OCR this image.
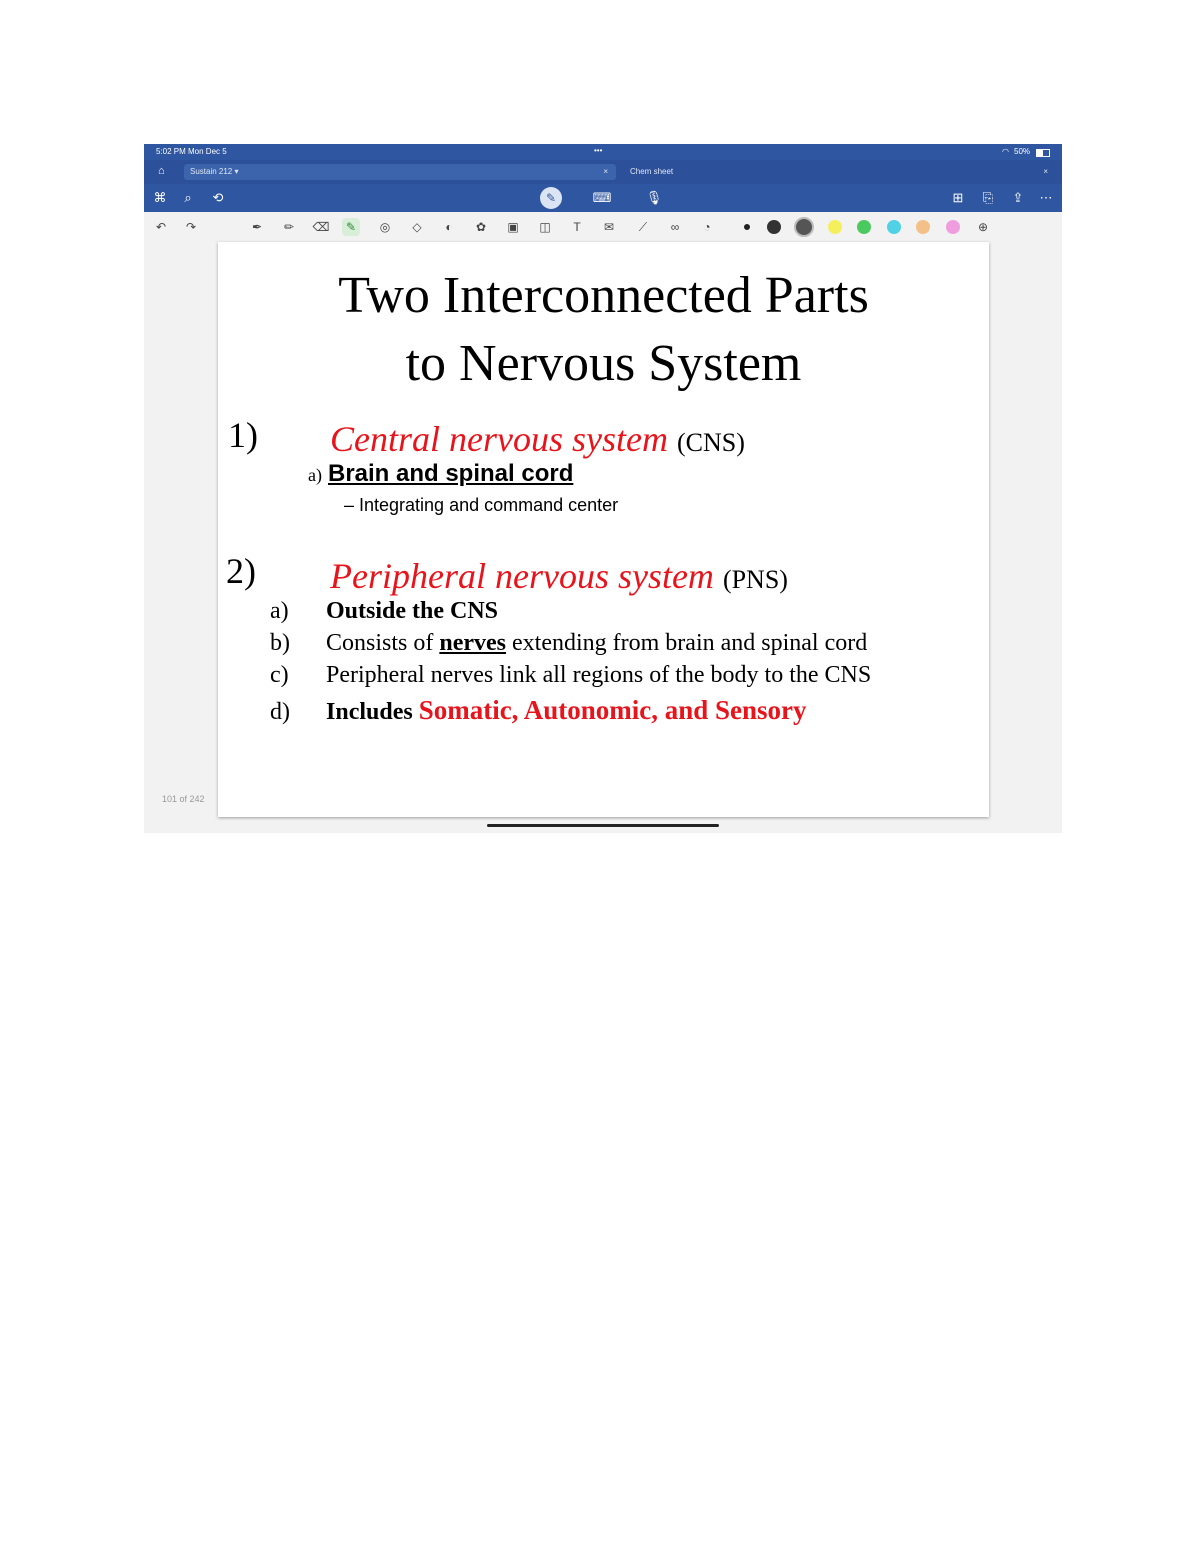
5:02 PM Mon Dec 5	•••	◠ 50%
⌂	Sustain 212 ▾	×	Chem sheet	×
⌘	⌕	⟲	✎	⌨	🎙	⊞	⎘	⇪	⋯
↶	↷	✒	✏	⌫	✎	◎	◇	◐	✿	▣ ◫	T	✉	⟋	∞	◔	⊕
Two Interconnected Parts
to Nervous System
1) Central nervous system (CNS)
a) Brain and spinal cord
– Integrating and command center
2) Peripheral nervous system (PNS)
a) Outside the CNS
b) Consists of nerves extending from brain and spinal cord
c) Peripheral nerves link all regions of the body to the CNS
d) Includes Somatic, Autonomic, and Sensory
101 of 242
